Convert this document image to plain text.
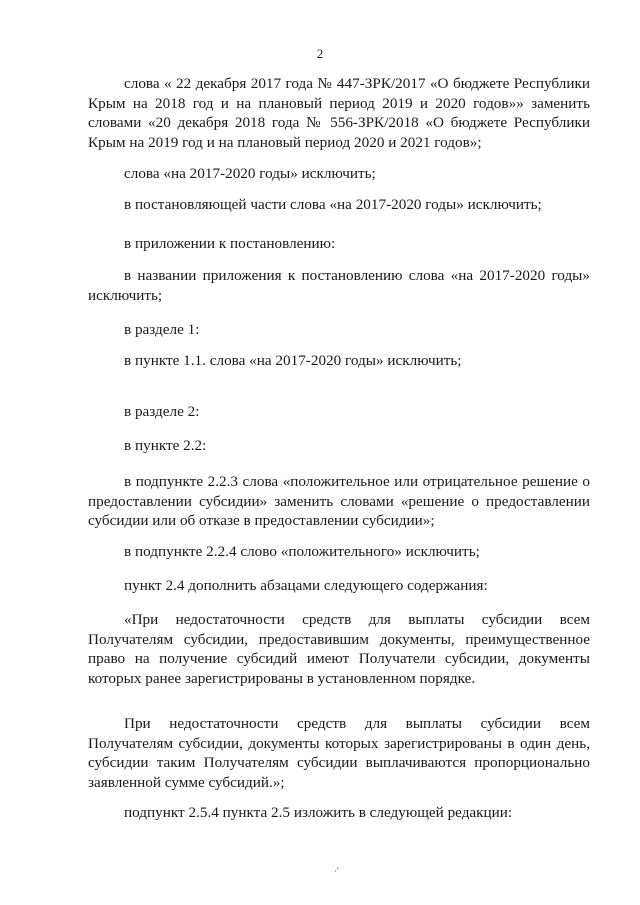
2

слова « 22 декабря 2017 года № 447-ЗРК/2017 «О бюджете Республики Крым на 2018 год и на плановый период 2019 и 2020 годов»» заменить словами «20 декабря 2018 года № 556-ЗРК/2018 «О бюджете Республики Крым на 2019 год и на плановый период 2020 и 2021 годов»;

слова «на 2017-2020 годы» исключить;

в постановляющей части слова «на 2017-2020 годы» исключить;

в приложении к постановлению:

в названии приложения к постановлению слова «на 2017-2020 годы» исключить;

в разделе 1:

в пункте 1.1. слова «на 2017-2020 годы» исключить;

в разделе 2:

в пункте 2.2:

в подпункте 2.2.3 слова «положительное или отрицательное решение о предоставлении субсидии» заменить словами «решение о предоставлении субсидии или об отказе в предоставлении субсидии»;

в подпункте 2.2.4 слово «положительного» исключить;

пункт 2.4 дополнить абзацами следующего содержания:

«При недостаточности средств для выплаты субсидии всем Получателям субсидии, предоставившим документы, преимущественное право на получение субсидий имеют Получатели субсидии, документы которых ранее зарегистрированы в установленном порядке.

При недостаточности средств для выплаты субсидии всем Получателям субсидии, документы которых зарегистрированы в один день, субсидии таким Получателям субсидии выплачиваются пропорционально заявленной сумме субсидий.»;

подпункт 2.5.4 пункта 2.5 изложить в следующей редакции:

·'
